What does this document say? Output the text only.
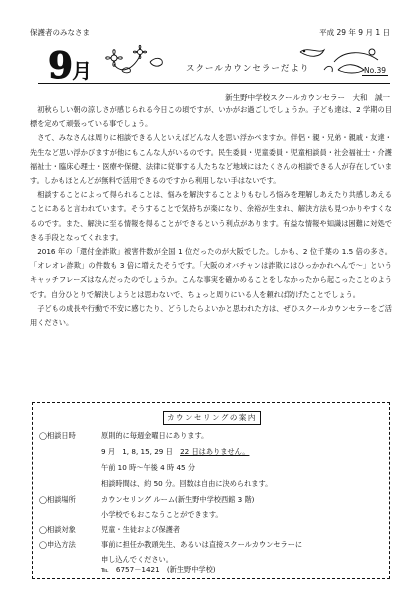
保護者のみなさま	平成 29 年 9 月 1 日
9月	スクールカウンセラーだより	No.39
新生野中学校スクールカウンセラー　大和　誠一

初秋らしい朝の涼しさが感じられる今日この頃ですが、いかがお過ごしでしょうか。子ども達は、2 学期の目標を定めて頑張っている事でしょう。

さて、みなさんは周りに相談できる人といえばどんな人を思い浮かべますか。伴侶・親・兄弟・親戚・友達・先生など思い浮かびますが他にもこんな人がいるのです。民生委員・児童委員・児童相談員・社会福祉士・介護福祉士・臨床心理士・医療や保健、法律に従事する人たちなど地域にはたくさんの相談できる人が存在しています。しかもほとんどが無料で活用できるのですから利用しない手はないです。

相談することによって得られることは、悩みを解決することよりもむしろ悩みを理解しあえたり共感しあえることにあると言われています。そうすることで気持ちが楽になり、余裕が生まれ、解決方法も見つかりやすくなるのです。また、解決に至る情報を得ることができるという利点があります。有益な情報や知識は困難に対処できる手段となってくれます。

2016 年の「還付金詐欺」被害件数が全国 1 位だったのが大阪でした。しかも、2 位千葉の 1.5 倍の多さ。「オレオレ詐欺」の件数も 3 倍に増えたそうです。「大阪のオバチャンは詐欺にはひっかかれへんで～」というキャッチフレーズはなんだったのでしょうか。こんな事実を確かめることをしなかったから起こったことのようです。自分ひとりで解決しようとは思わないで、ちょっと周りにいる人を頼れば防げたことでしょう。

子どもの成長や行動で不安に感じたり、どうしたらよいかと思われた方は、ぜひスクールカウンセラーをご活用ください。

カウンセリングの案内
◯相談日時	原則的に毎週金曜日にあります。
9 月　1, 8, 15, 29 日　 22 日はありません。
午前 10 時～午後 4 時 45 分
相談時間は、約 50 分。回数は自由に決められます。
◯相談場所	カウンセリング ルーム(新生野中学校西館 3 階)
小学校でもおこなうことができます。
◯相談対象	児童・生徒および保護者
◯申込方法	事前に担任か教頭先生、あるいは直接スクールカウンセラーに
申し込んでください。
℡　6757－1421　(新生野中学校)
